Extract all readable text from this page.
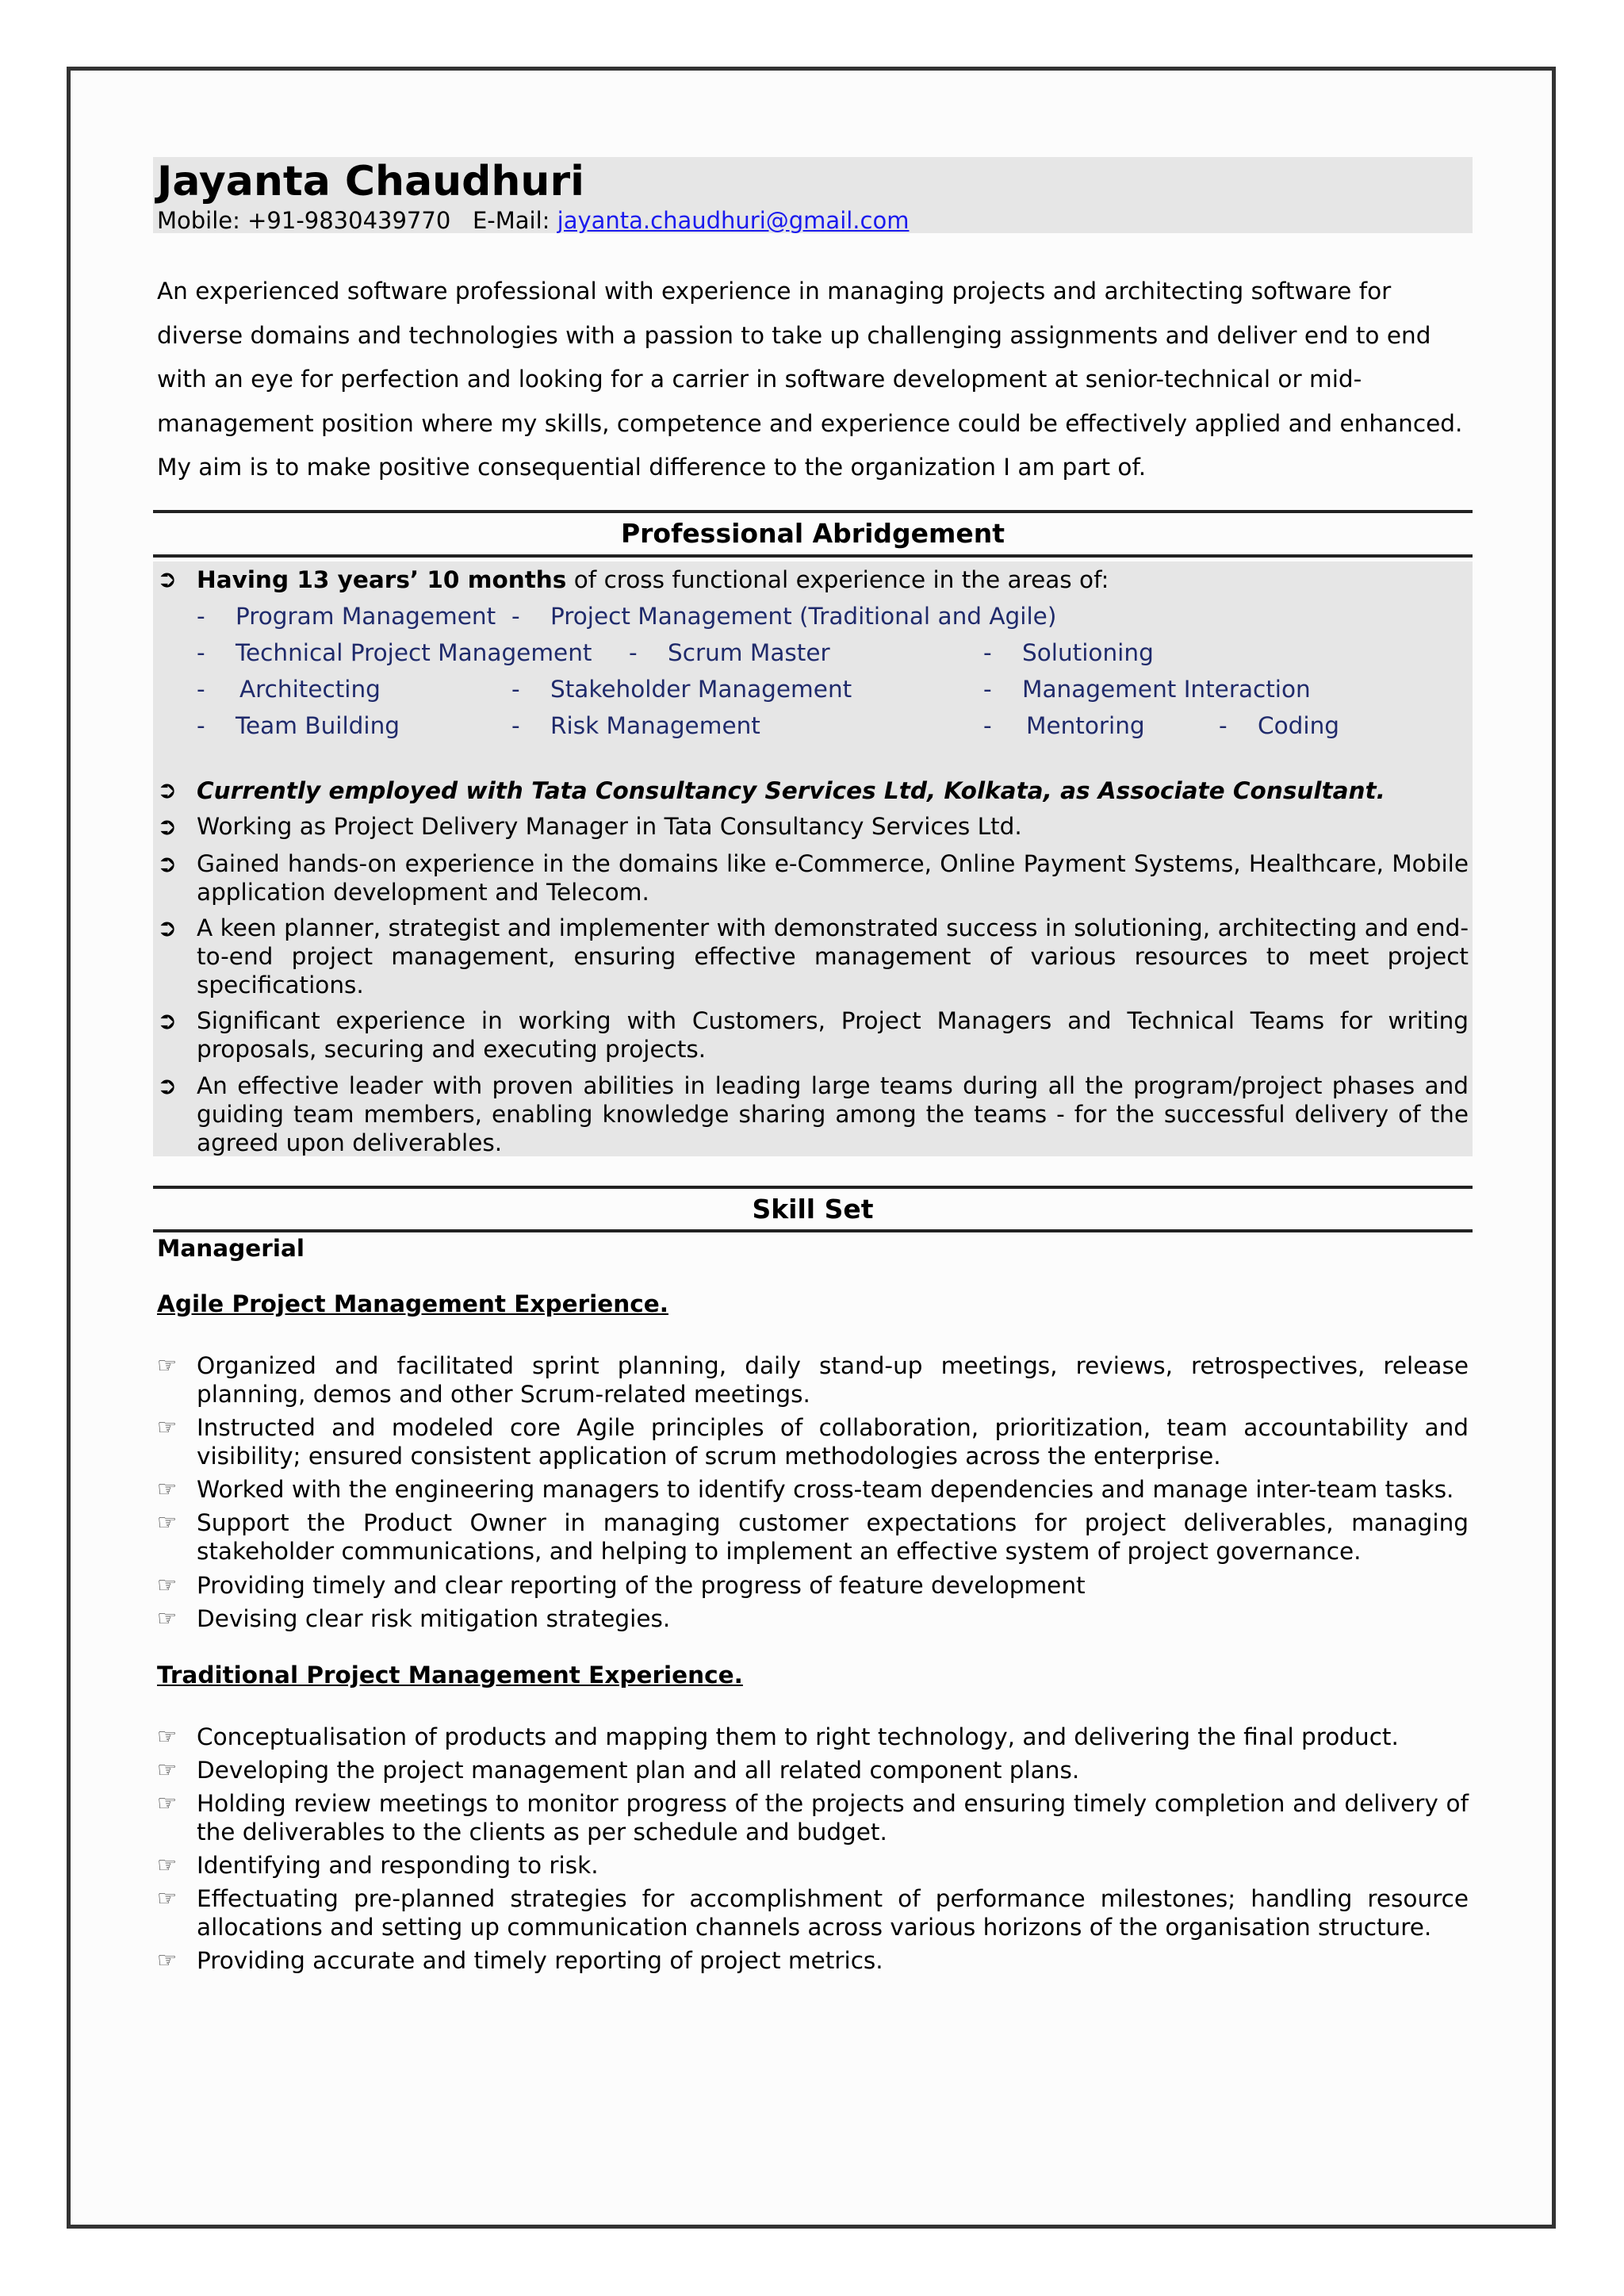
Jayanta Chaudhuri
Mobile: +91-9830439770   E-Mail: jayanta.chaudhuri@gmail.com
An experienced software professional with experience in managing projects and architecting software for
diverse domains and technologies with a passion to take up challenging assignments and deliver end to end
with an eye for perfection and looking for a carrier in software development at senior-technical or mid-
management position where my skills, competence and experience could be effectively applied and enhanced.
My aim is to make positive consequential difference to the organization I am part of.
Professional Abridgement
➲ Having 13 years’ 10 months of cross functional experience in the areas of:
- Program Management - Project Management (Traditional and Agile)
- Technical Project Management - Scrum Master	- Solutioning
- Architecting	- Stakeholder Management	- Management Interaction
- Team Building	- Risk Management	- Mentoring	- Coding
➲ Currently employed with Tata Consultancy Services Ltd, Kolkata, as Associate Consultant.
➲ Working as Project Delivery Manager in Tata Consultancy Services Ltd.
➲ Gained hands-on experience in the domains like e-Commerce, Online Payment Systems, Healthcare, Mobile application development and Telecom.
➲ A keen planner, strategist and implementer with demonstrated success in solutioning, architecting and end-to-end project management, ensuring effective management of various resources to meet project specifications.
➲ Significant experience in working with Customers, Project Managers and Technical Teams for writing proposals, securing and executing projects.
➲ An effective leader with proven abilities in leading large teams during all the program/project phases and guiding team members, enabling knowledge sharing among the teams - for the successful delivery of the agreed upon deliverables.
Skill Set
Managerial
Agile Project Management Experience.
☞ Organized and facilitated sprint planning, daily stand-up meetings, reviews, retrospectives, release planning, demos and other Scrum-related meetings.
☞ Instructed and modeled core Agile principles of collaboration, prioritization, team accountability and visibility; ensured consistent application of scrum methodologies across the enterprise.
☞ Worked with the engineering managers to identify cross-team dependencies and manage inter-team tasks.
☞ Support the Product Owner in managing customer expectations for project deliverables, managing stakeholder communications, and helping to implement an effective system of project governance.
☞ Providing timely and clear reporting of the progress of feature development
☞ Devising clear risk mitigation strategies.
Traditional Project Management Experience.
☞ Conceptualisation of products and mapping them to right technology, and delivering the final product.
☞ Developing the project management plan and all related component plans.
☞ Holding review meetings to monitor progress of the projects and ensuring timely completion and delivery of the deliverables to the clients as per schedule and budget.
☞ Identifying and responding to risk.
☞ Effectuating pre-planned strategies for accomplishment of performance milestones; handling resource allocations and setting up communication channels across various horizons of the organisation structure.
☞ Providing accurate and timely reporting of project metrics.
